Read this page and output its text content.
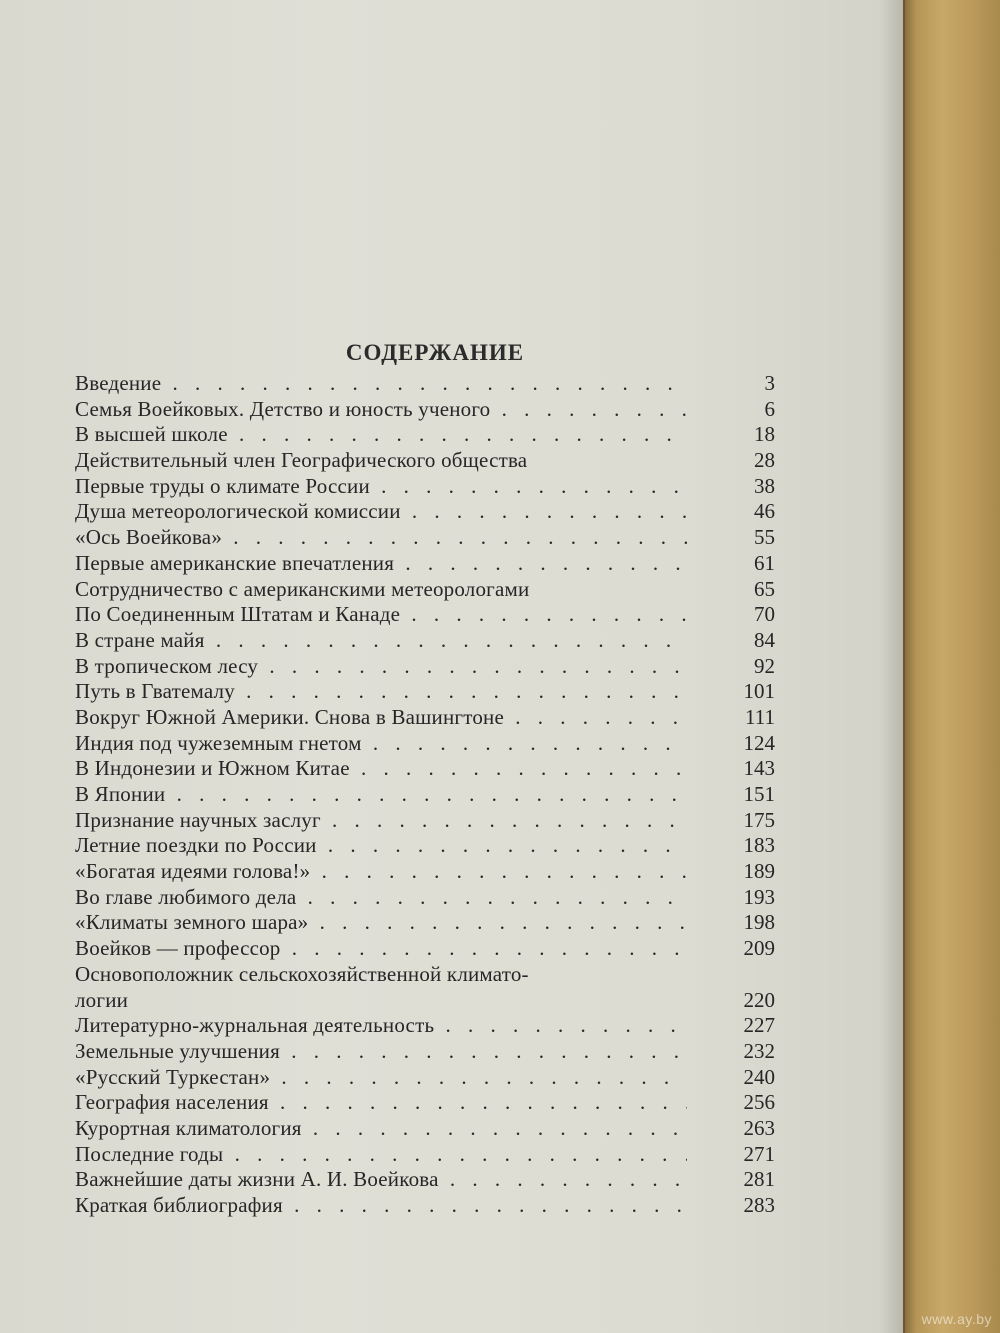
СОДЕРЖАНИЕ
Введение . . .	3
Семья Воейковых. Детство и юность ученого . . .	6
В высшей школе . . .	18
Действительный член Географического общества	28
Первые труды о климате России . . .	38
Душа метеорологической комиссии . . .	46
«Ось Воейкова» . . .	55
Первые американские впечатления . . .	61
Сотрудничество с американскими метеорологами	65
По Соединенным Штатам и Канаде . . .	70
В стране майя . . .	84
В тропическом лесу . . .	92
Путь в Гватемалу . . .	101
Вокруг Южной Америки. Снова в Вашингтоне . . .	111
Индия под чужеземным гнетом . . .	124
В Индонезии и Южном Китае . . .	143
В Японии . . .	151
Признание научных заслуг . . .	175
Летние поездки по России . . .	183
«Богатая идеями голова!» . . .	189
Во главе любимого дела . . .	193
«Климаты земного шара» . . .	198
Воейков — профессор . . .	209
Основоположник сельскохозяйственной климато-
логии	220
Литературно-журнальная деятельность . . .	227
Земельные улучшения . . .	232
«Русский Туркестан» . . .	240
География населения . . .	256
Курортная климатология . . .	263
Последние годы . . .	271
Важнейшие даты жизни А. И. Воейкова . . .	281
Краткая библиография . . .	283
www.ay.by
